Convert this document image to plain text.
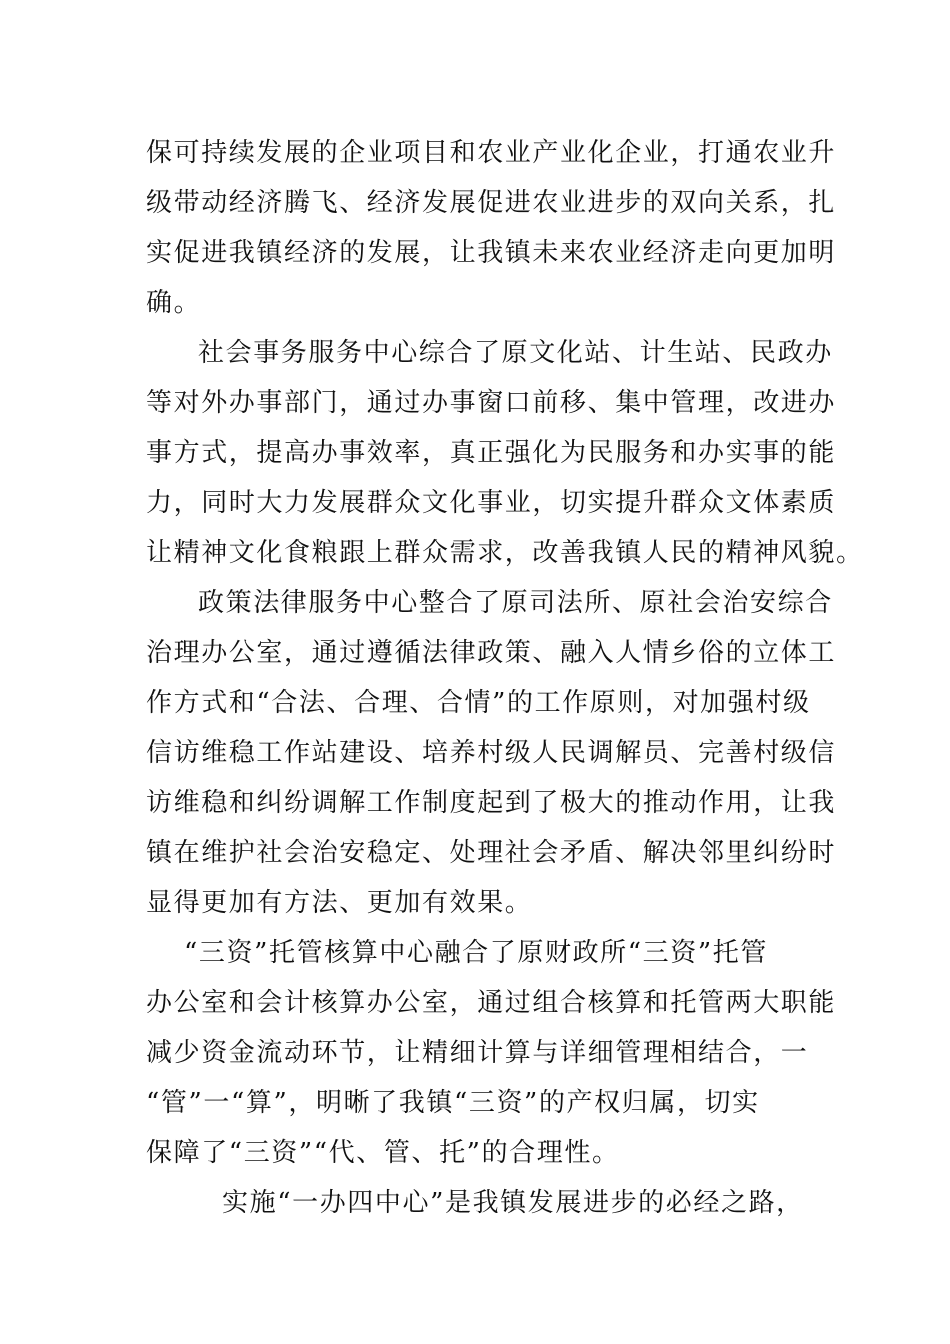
保可持续发展的企业项目和农业产业化企业，打通农业升
级带动经济腾飞、经济发展促进农业进步的双向关系，扎
实促进我镇经济的发展，让我镇未来农业经济走向更加明
确。
社会事务服务中心综合了原文化站、计生站、民政办
等对外办事部门，通过办事窗口前移、集中管理，改进办
事方式，提高办事效率，真正强化为民服务和办实事的能
力，同时大力发展群众文化事业，切实提升群众文体素质
让精神文化食粮跟上群众需求，改善我镇人民的精神风貌。
政策法律服务中心整合了原司法所、原社会治安综合
治理办公室，通过遵循法律政策、融入人情乡俗的立体工
作方式和“合法、合理、合情”的工作原则，对加强村级
信访维稳工作站建设、培养村级人民调解员、完善村级信
访维稳和纠纷调解工作制度起到了极大的推动作用，让我
镇在维护社会治安稳定、处理社会矛盾、解决邻里纠纷时
显得更加有方法、更加有效果。
“三资”托管核算中心融合了原财政所“三资”托管
办公室和会计核算办公室，通过组合核算和托管两大职能
减少资金流动环节，让精细计算与详细管理相结合，一
“管”一“算”，明晰了我镇“三资”的产权归属，切实
保障了“三资”“代、管、托”的合理性。
实施“一办四中心”是我镇发展进步的必经之路，
